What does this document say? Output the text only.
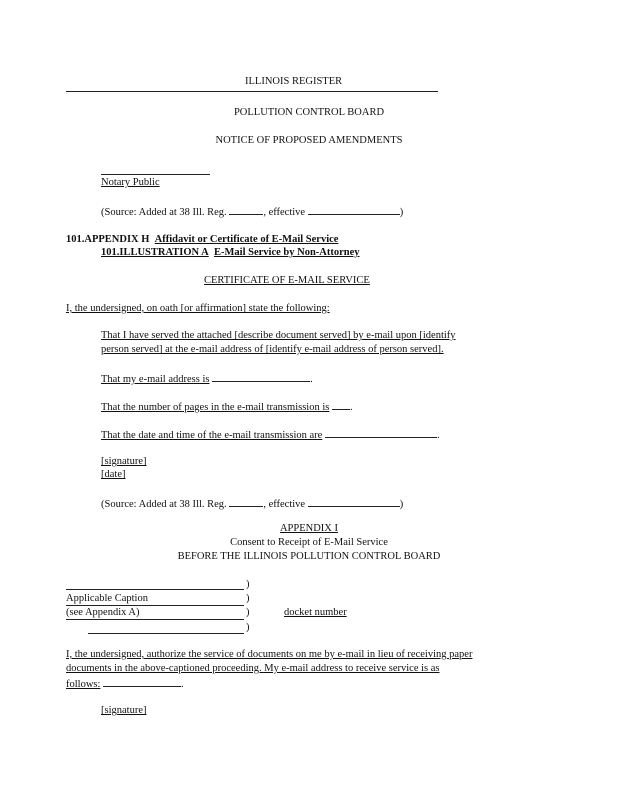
ILLINOIS REGISTER
POLLUTION CONTROL BOARD
NOTICE OF PROPOSED AMENDMENTS
Notary Public
(Source: Added at 38 Ill. Reg.	, effective	)
101.APPENDIX H Affidavit or Certificate of E-Mail Service
101.ILLUSTRATION A E-Mail Service by Non-Attorney
CERTIFICATE OF E-MAIL SERVICE
I, the undersigned, on oath [or affirmation] state the following:
That I have served the attached [describe document served] by e-mail upon [identify
person served] at the e-mail address of [identify e-mail address of person served].
That my e-mail address is	.
That the number of pages in the e-mail transmission is .
That the date and time of the e-mail transmission are	.
[signature]
[date]
(Source: Added at 38 Ill. Reg.	, effective	)
APPENDIX I
Consent to Receipt of E-Mail Service
BEFORE THE ILLINOIS POLLUTION CONTROL BOARD
)
Applicable Caption	)
(see Appendix A)	)	docket number
)
I, the undersigned, authorize the service of documents on me by e-mail in lieu of receiving paper
documents in the above-captioned proceeding. My e-mail address to receive service is as
follows:	.
[signature]
